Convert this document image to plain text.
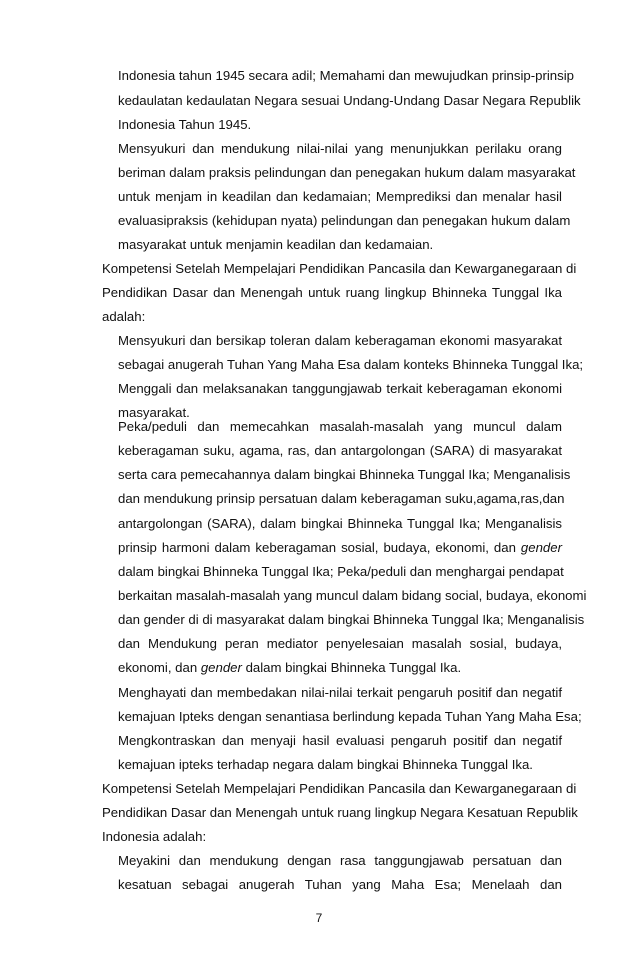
7
Indonesia tahun 1945 secara adil; Memahami dan mewujudkan prinsip-prinsip
kedaulatan kedaulatan Negara sesuai Undang-Undang Dasar Negara Republik
Indonesia Tahun 1945.
Mensyukuri dan mendukung nilai-nilai yang menunjukkan perilaku orang
beriman dalam praksis pelindungan dan penegakan hukum dalam masyarakat
untuk menjam in keadilan dan kedamaian; Memprediksi dan menalar hasil
evaluasipraksis (kehidupan nyata) pelindungan dan penegakan hukum dalam
masyarakat untuk menjamin keadilan dan kedamaian.
Kompetensi Setelah Mempelajari Pendidikan Pancasila dan Kewarganegaraan di
Pendidikan Dasar dan Menengah untuk ruang lingkup Bhinneka Tunggal Ika
adalah:
Mensyukuri dan bersikap toleran dalam keberagaman ekonomi masyarakat
sebagai anugerah Tuhan Yang Maha Esa dalam konteks Bhinneka Tunggal Ika;
Menggali dan melaksanakan tanggungjawab terkait keberagaman ekonomi
masyarakat.
Peka/peduli dan memecahkan masalah-masalah yang muncul dalam
keberagaman suku, agama, ras, dan antargolongan (SARA) di masyarakat
serta cara pemecahannya dalam bingkai Bhinneka Tunggal Ika; Menganalisis
dan mendukung prinsip persatuan dalam keberagaman suku,agama,ras,dan
antargolongan (SARA), dalam bingkai Bhinneka Tunggal Ika; Menganalisis
prinsip harmoni dalam keberagaman sosial, budaya, ekonomi, dan gender
dalam bingkai Bhinneka Tunggal Ika; Peka/peduli dan menghargai pendapat
berkaitan masalah-masalah yang muncul dalam bidang social, budaya, ekonomi
dan gender di di masyarakat dalam bingkai Bhinneka Tunggal Ika; Menganalisis
dan Mendukung peran mediator penyelesaian masalah sosial, budaya,
ekonomi, dan gender dalam bingkai Bhinneka Tunggal Ika.
Menghayati dan membedakan nilai-nilai terkait pengaruh positif dan negatif
kemajuan Ipteks dengan senantiasa berlindung kepada Tuhan Yang Maha Esa;
Mengkontraskan dan menyaji hasil evaluasi pengaruh positif dan negatif
kemajuan ipteks terhadap negara dalam bingkai Bhinneka Tunggal Ika.
Kompetensi Setelah Mempelajari Pendidikan Pancasila dan Kewarganegaraan di
Pendidikan Dasar dan Menengah untuk ruang lingkup Negara Kesatuan Republik
Indonesia adalah:
Meyakini dan mendukung dengan rasa tanggungjawab persatuan dan
kesatuan sebagai anugerah Tuhan yang Maha Esa; Menelaah dan
